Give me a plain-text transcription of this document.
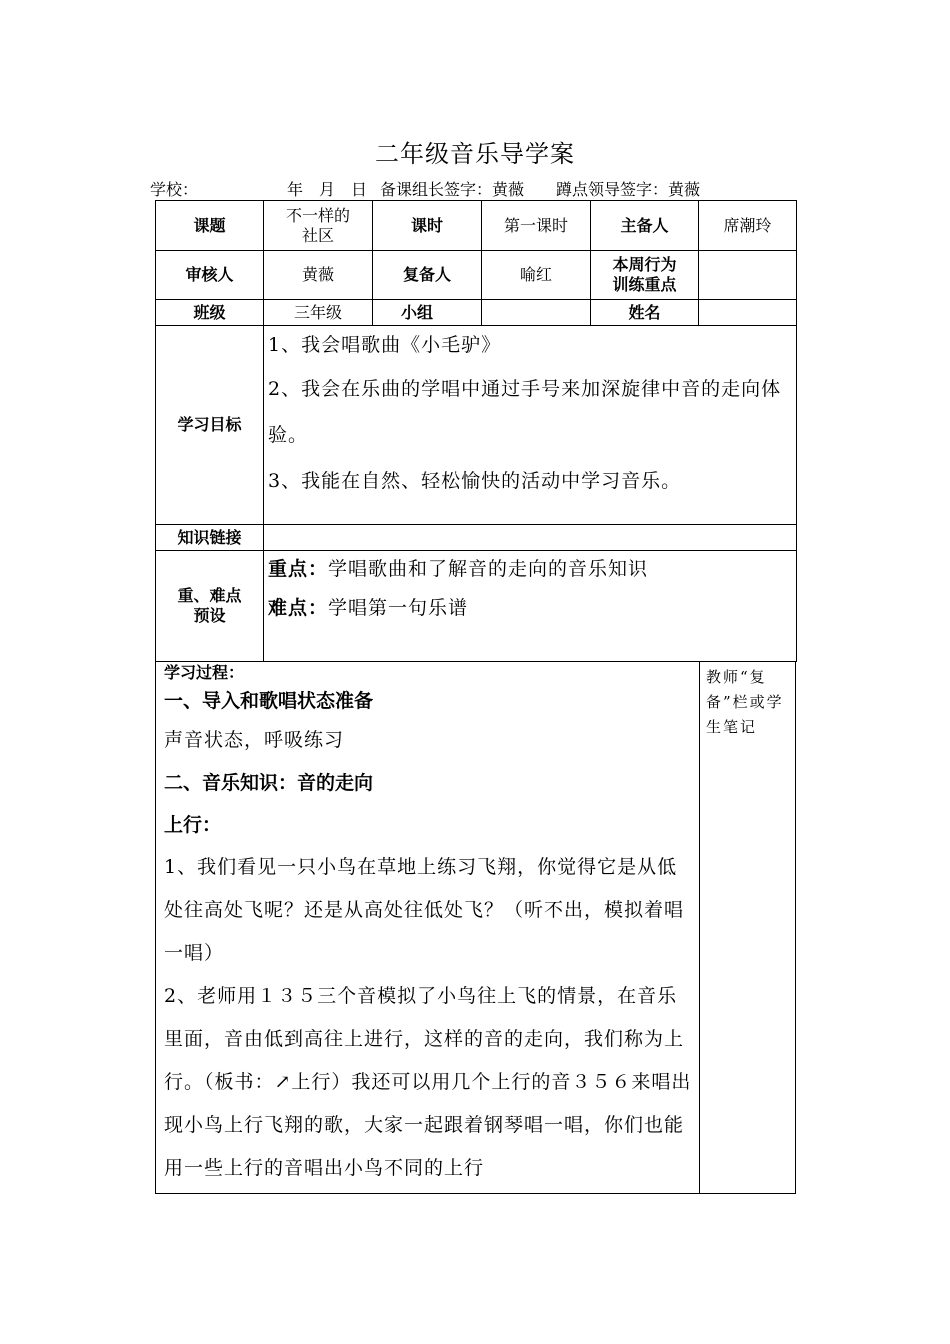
二年级音乐导学案
学校：	年　月　日 备课组长签字：黄薇 蹲点领导签字：黄薇
课题	不一样的社区	课时	第一课时	主备人	席潮玲
审核人	黄薇	复备人	喻红	本周行为训练重点	
班级	三年级	小组		姓名	
学习目标	1、我会唱歌曲《小毛驴》

2、我会在乐曲的学唱中通过手号来加深旋律中音的走向体验。

3、我能在自然、轻松愉快的活动中学习音乐。				

知识链接					
重、难点预设	重点：学唱歌曲和了解音的走向的音乐知识

难点：学唱第一句乐谱				

学习过程：

一、导入和歌唱状态准备

声音状态，呼吸练习

二、音乐知识：音的走向

上行：

1、我们看见一只小鸟在草地上练习飞翔，你觉得它是从低处往高处飞呢？还是从高处往低处飞？（听不出，模拟着唱一唱）

2、老师用１３５三个音模拟了小鸟往上飞的情景，在音乐里面，音由低到高往上进行，这样的音的走向，我们称为上行。（板书：↗上行）我还可以用几个上行的音３５６来唱出现小鸟上行飞翔的歌，大家一起跟着钢琴唱一唱，你们也能用一些上行的音唱出小鸟不同的上行

教师“复备”栏或学生笔记
